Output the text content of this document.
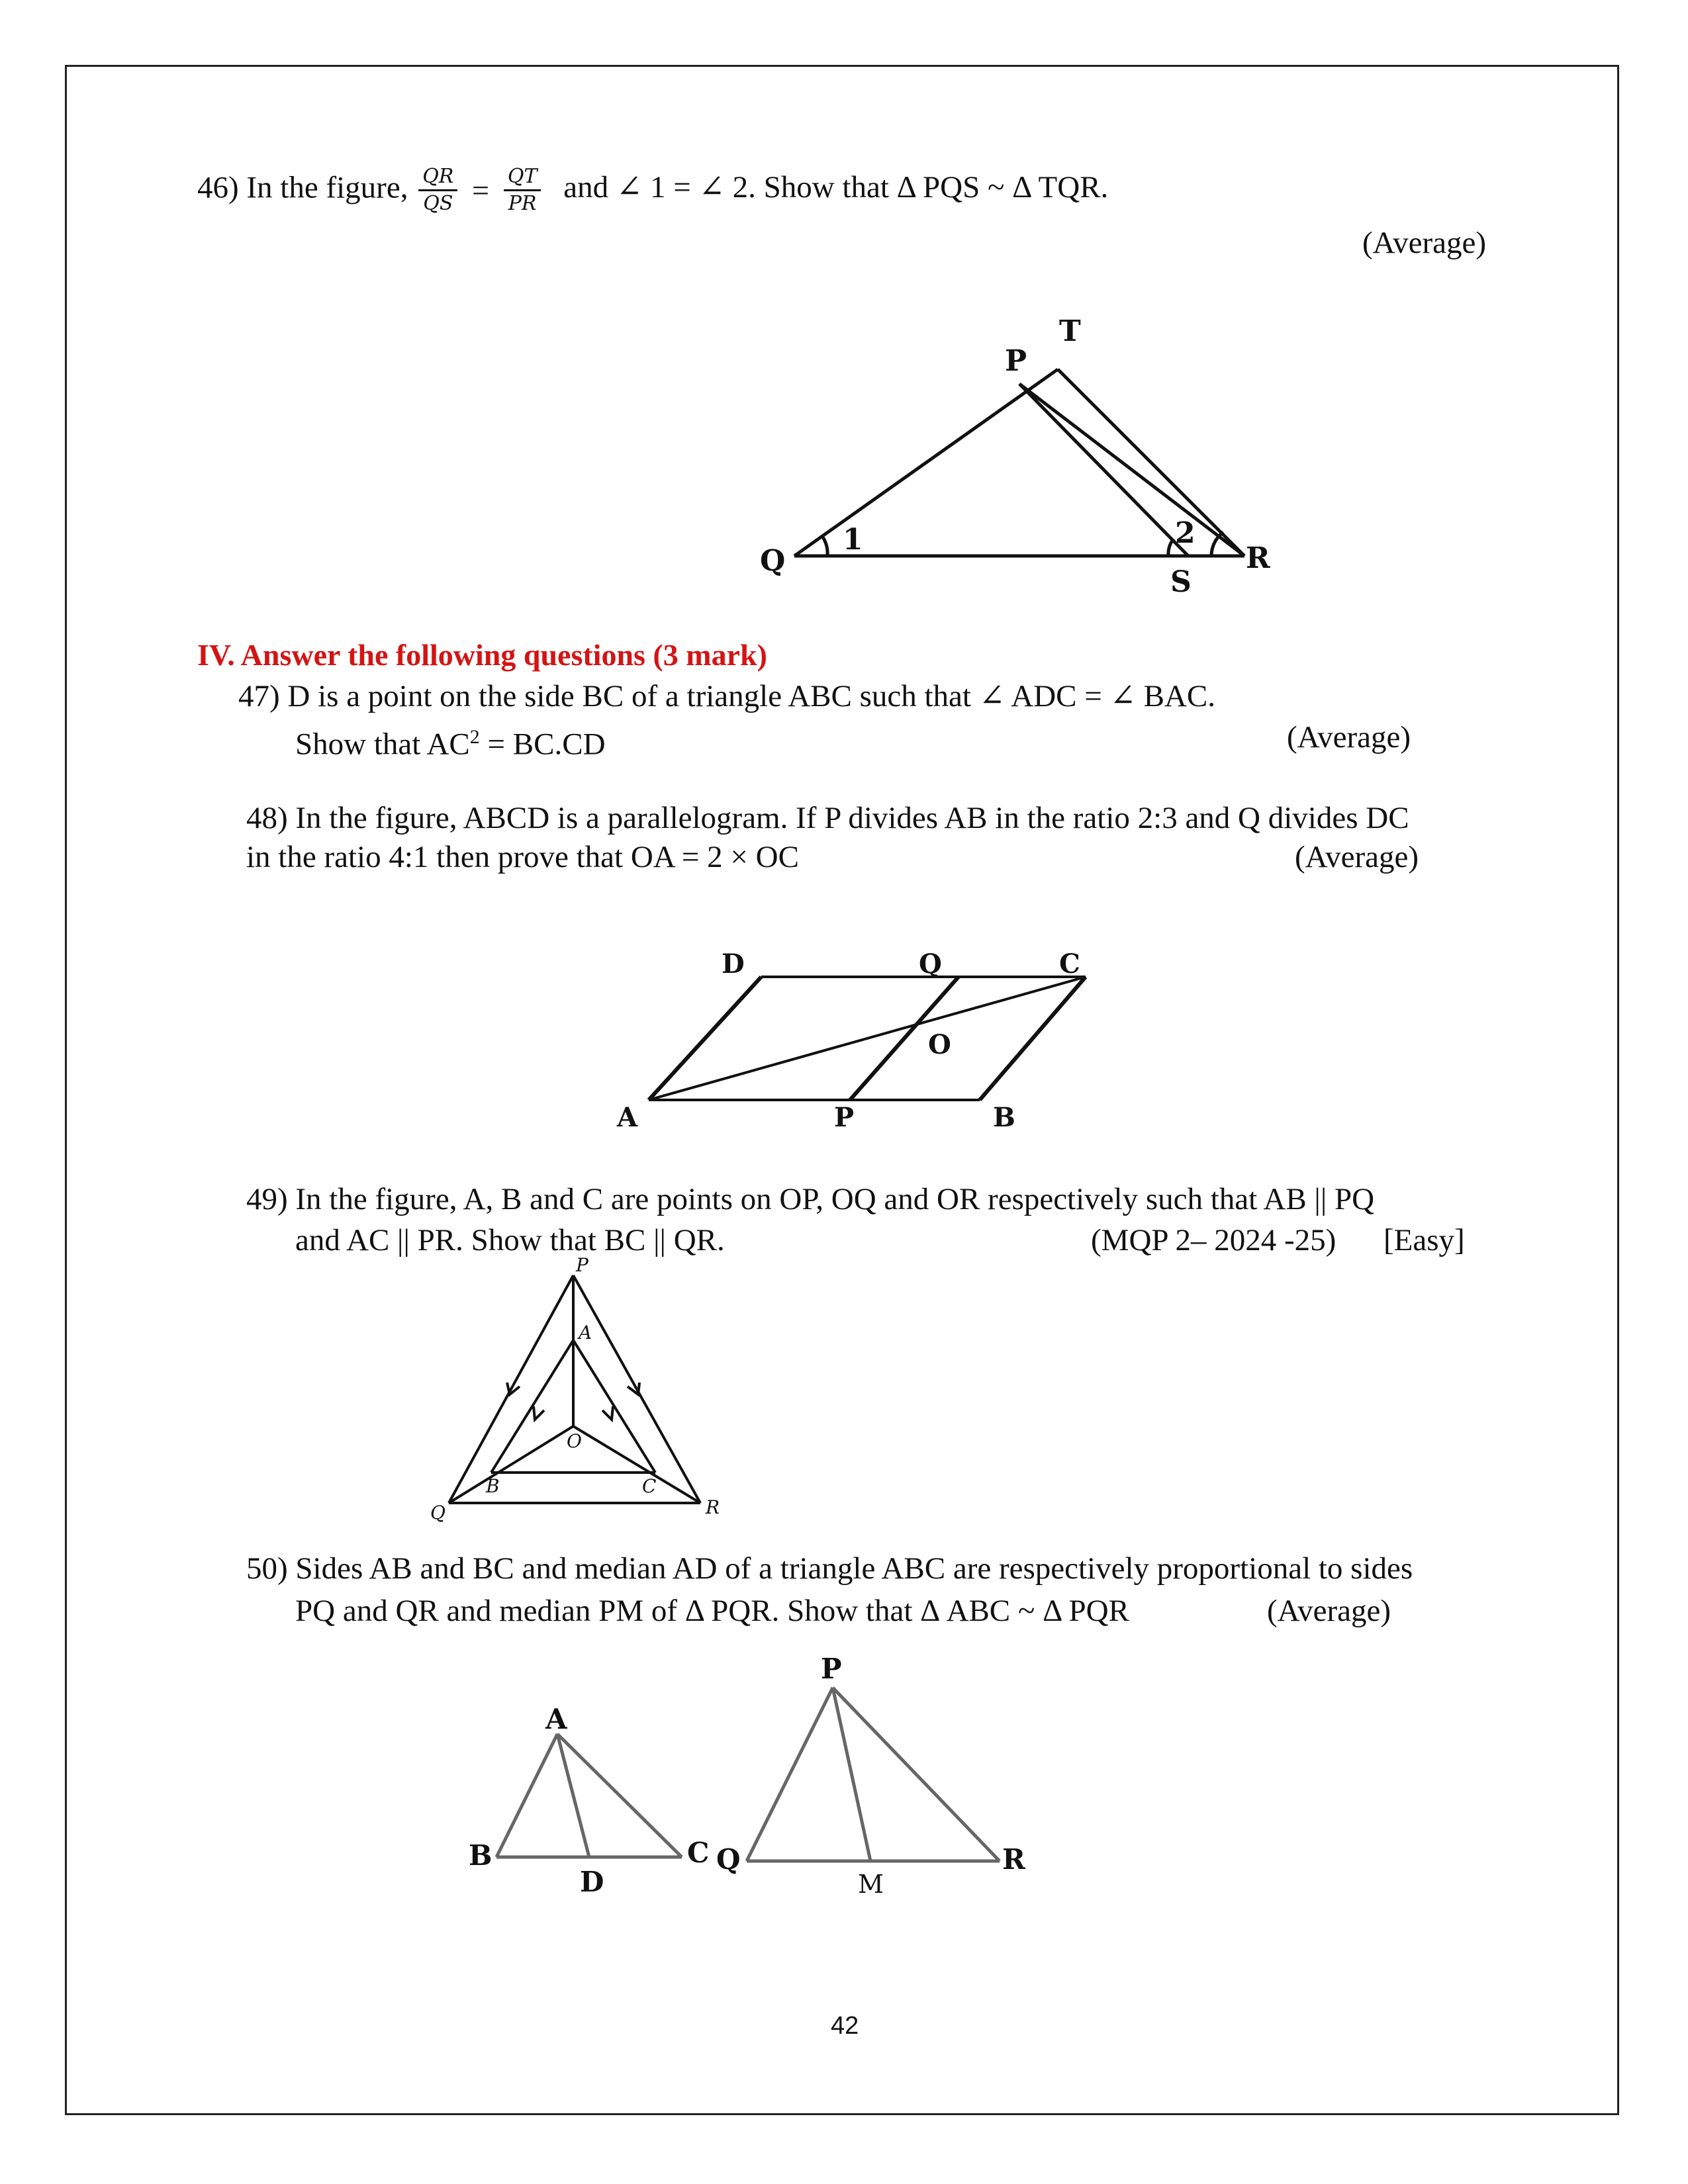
46) In the figure, $\frac{QR}{QS} = \frac{QT}{PR}$ and ∠ 1 = ∠ 2. Show that Δ PQS ~ Δ TQR.
(Average)
T
P
Q
S
R
1	2
IV. Answer the following questions (3 mark)
47) D is a point on the side BC of a triangle ABC such that ∠ ADC = ∠ BAC.
Show that $AC^2 = BC.CD$	(Average)
48) In the figure, ABCD is a parallelogram. If P divides AB in the ratio 2:3 and Q divides DC
in the ratio 4:1 then prove that OA = 2 × OC	(Average)
D	Q	C
O
A	P	B
49) In the figure, A, B and C are points on OP, OQ and OR respectively such that AB || PQ
and AC || PR. Show that BC || QR.	(MQP 2– 2024 -25) [Easy]
P
A
O
B	C
Q	R
50) Sides AB and BC and median AD of a triangle ABC are respectively proportional to sides
PQ and QR and median PM of Δ PQR. Show that Δ ABC ~ Δ PQR	(Average)
A
B
D
C
P
Q
M
R
42
